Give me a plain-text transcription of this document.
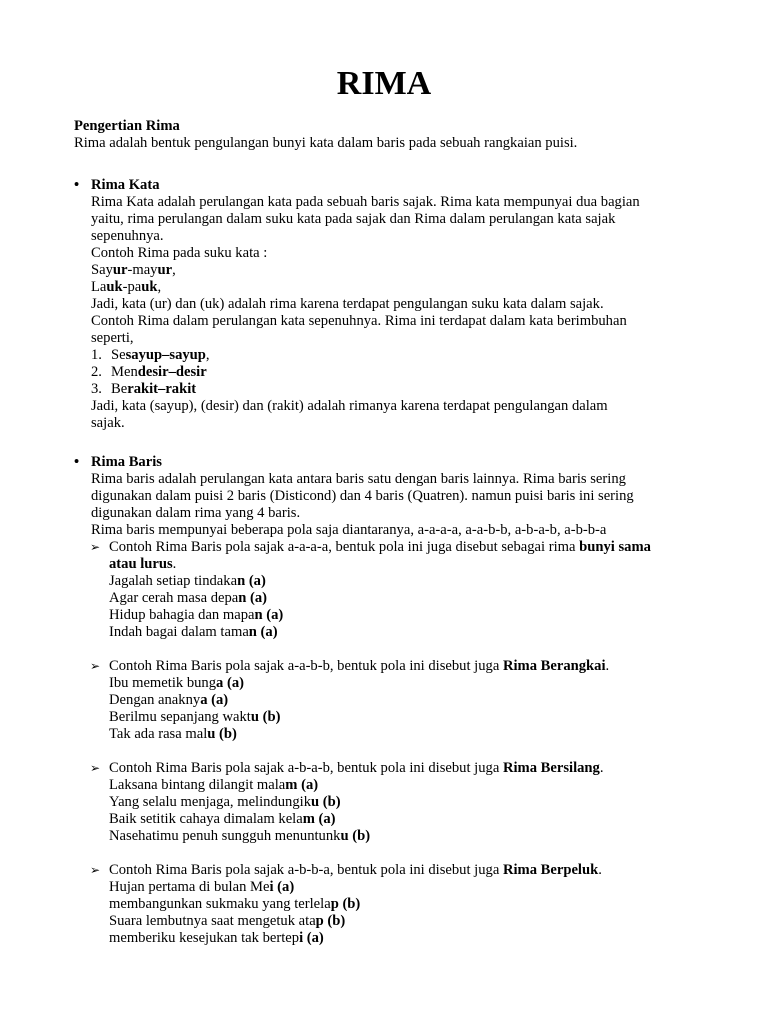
RIMA
Pengertian Rima
Rima adalah bentuk pengulangan bunyi kata dalam baris pada sebuah rangkaian puisi.
• Rima Kata
Rima Kata adalah perulangan kata pada sebuah baris sajak. Rima kata mempunyai dua bagian
yaitu, rima perulangan dalam suku kata pada sajak dan Rima dalam perulangan kata sajak
sepenuhnya.
Contoh Rima pada suku kata :
Sayur-mayur,
Lauk-pauk,
Jadi, kata (ur) dan (uk) adalah rima karena terdapat pengulangan suku kata dalam sajak.
Contoh Rima dalam perulangan kata sepenuhnya. Rima ini terdapat dalam kata berimbuhan
seperti,
1. Sesayup–sayup,
2. Mendesir–desir
3. Berakit–rakit
Jadi, kata (sayup), (desir) dan (rakit) adalah rimanya karena terdapat pengulangan dalam
sajak.
• Rima Baris
Rima baris adalah perulangan kata antara baris satu dengan baris lainnya. Rima baris sering
digunakan dalam puisi 2 baris (Disticond) dan 4 baris (Quatren). namun puisi baris ini sering
digunakan dalam rima yang 4 baris.
Rima baris mempunyai beberapa pola saja diantaranya, a-a-a-a, a-a-b-b, a-b-a-b, a-b-b-a
➢ Contoh Rima Baris pola sajak a-a-a-a, bentuk pola ini juga disebut sebagai rima bunyi sama
atau lurus.
Jagalah setiap tindakan (a)
Agar cerah masa depan (a)
Hidup bahagia dan mapan (a)
Indah bagai dalam taman (a)
➢ Contoh Rima Baris pola sajak a-a-b-b, bentuk pola ini disebut juga Rima Berangkai.
Ibu memetik bunga (a)
Dengan anaknya (a)
Berilmu sepanjang waktu (b)
Tak ada rasa malu (b)
➢ Contoh Rima Baris pola sajak a-b-a-b, bentuk pola ini disebut juga Rima Bersilang.
Laksana bintang dilangit malam (a)
Yang selalu menjaga, melindungiku (b)
Baik setitik cahaya dimalam kelam (a)
Nasehatimu penuh sungguh menuntunku (b)
➢ Contoh Rima Baris pola sajak a-b-b-a, bentuk pola ini disebut juga Rima Berpeluk.
Hujan pertama di bulan Mei (a)
membangunkan sukmaku yang terlelap (b)
Suara lembutnya saat mengetuk atap (b)
memberiku kesejukan tak bertepi (a)
